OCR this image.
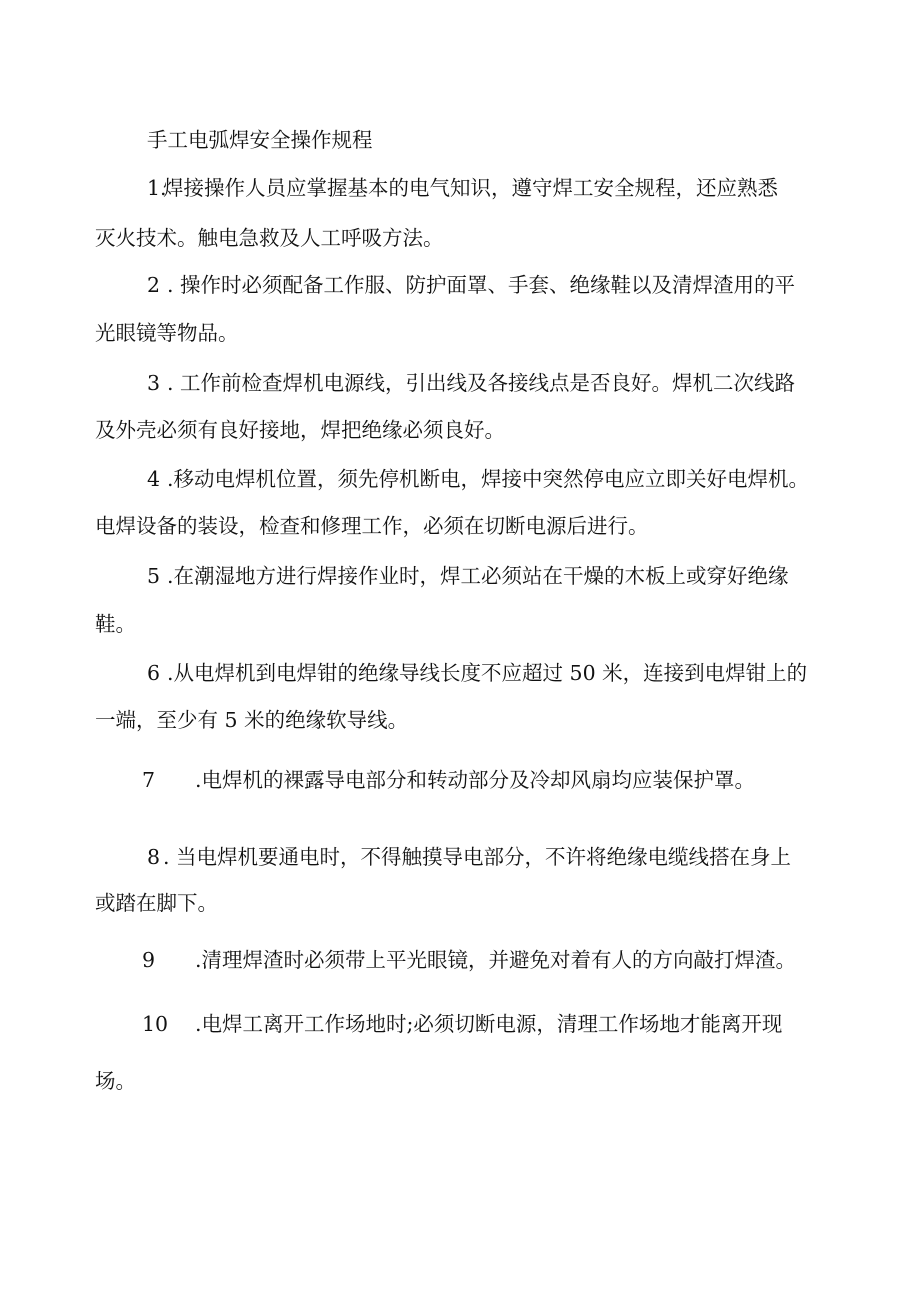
手工电弧焊安全操作规程
1.
焊接操作人员应掌握基本的电气知识，遵守焊工安全规程，还应熟悉
灭火技术。触电急救及人工呼吸方法。
2 . 操作时必须配备工作服、防护面罩、手套、绝缘鞋以及清焊渣用的平
光眼镜等物品。
3 . 工作前检查焊机电源线，引出线及各接线点是否良好。焊机二次线路
及外壳必须有良好接地，焊把绝缘必须良好。
4 .移动电焊机位置，须先停机断电，焊接中突然停电应立即关好电焊机。
电焊设备的装设，检查和修理工作，必须在切断电源后进行。
5 .在潮湿地方进行焊接作业时，焊工必须站在干燥的木板上或穿好绝缘
鞋。
6 .从电焊机到电焊钳的绝缘导线长度不应超过 50 米，连接到电焊钳上的
一端，至少有 5 米的绝缘软导线。
7 .电焊机的裸露导电部分和转动部分及冷却风扇均应装保护罩。
8 . 当电焊机要通电时，不得触摸导电部分，不许将绝缘电缆线搭在身上
或踏在脚下。
9 .清理焊渣时必须带上平光眼镜，并避免对着有人的方向敲打焊渣。
10 .电焊工离开工作场地时;必须切断电源，清理工作场地才能离开现
场。
